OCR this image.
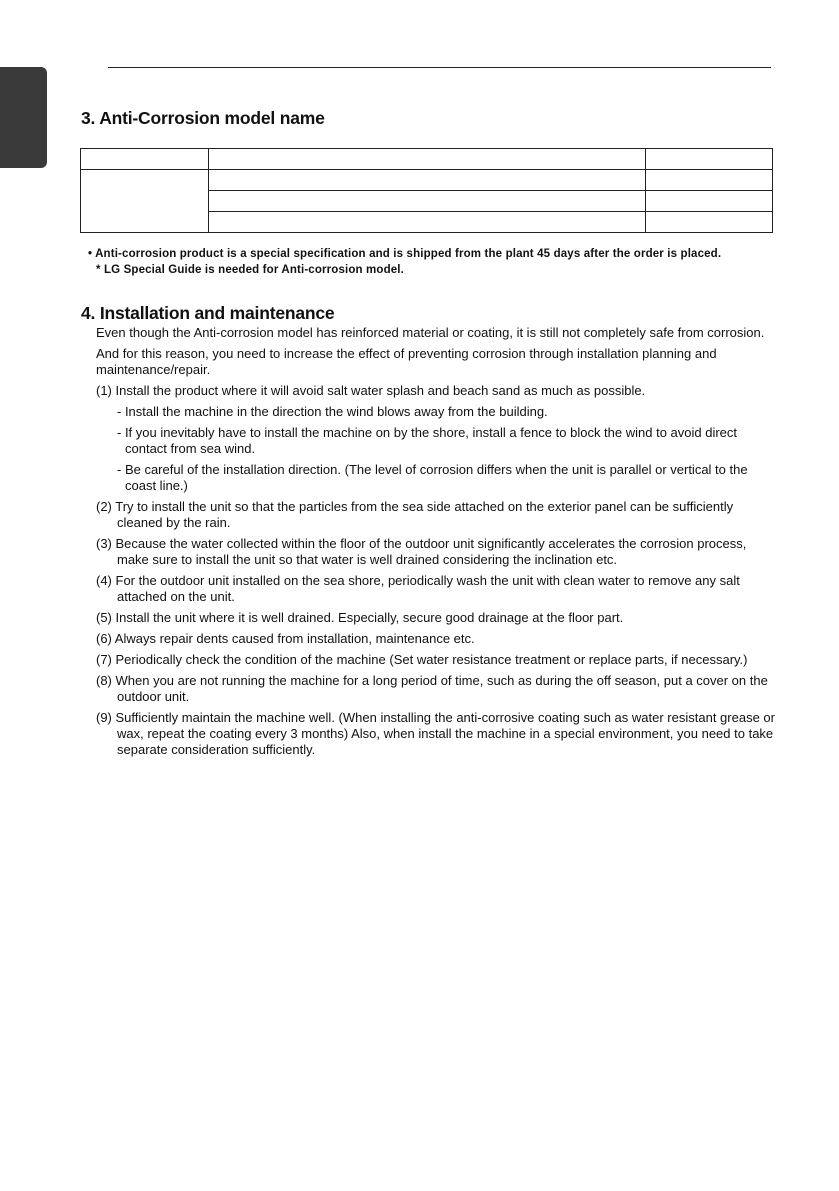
3. Anti-Corrosion model name

• Anti-corrosion product is a special specification and is shipped from the plant 45 days after the order is placed.
* LG Special Guide is needed for Anti-corrosion model.
4. Installation and maintenance

Even though the Anti-corrosion model has reinforced material or coating, it is still not completely safe from corrosion.

And for this reason, you need to increase the effect of preventing corrosion through installation planning and maintenance/repair.

(1) Install the product where it will avoid salt water splash and beach sand as much as possible.

- Install the machine in the direction the wind blows away from the building.

- If you inevitably have to install the machine on by the shore, install a fence to block the wind to avoid direct contact from sea wind.

- Be careful of the installation direction. (The level of corrosion differs when the unit is parallel or vertical to the coast line.)

(2) Try to install the unit so that the particles from the sea side attached on the exterior panel can be sufficiently cleaned by the rain.

(3) Because the water collected within the floor of the outdoor unit significantly accelerates the corrosion process, make sure to install the unit so that water is well drained considering the inclination etc.

(4) For the outdoor unit installed on the sea shore, periodically wash the unit with clean water to remove any salt attached on the unit.

(5) Install the unit where it is well drained. Especially, secure good drainage at the floor part.

(6) Always repair dents caused from installation, maintenance etc.

(7) Periodically check the condition of the machine (Set water resistance treatment or replace parts, if necessary.)

(8) When you are not running the machine for a long period of time, such as during the off season, put a cover on the outdoor unit.

(9) Sufficiently maintain the machine well. (When installing the anti-corrosive coating such as water resistant grease or wax, repeat the coating every 3 months) Also, when install the machine in a special environment, you need to take separate consideration sufficiently.
